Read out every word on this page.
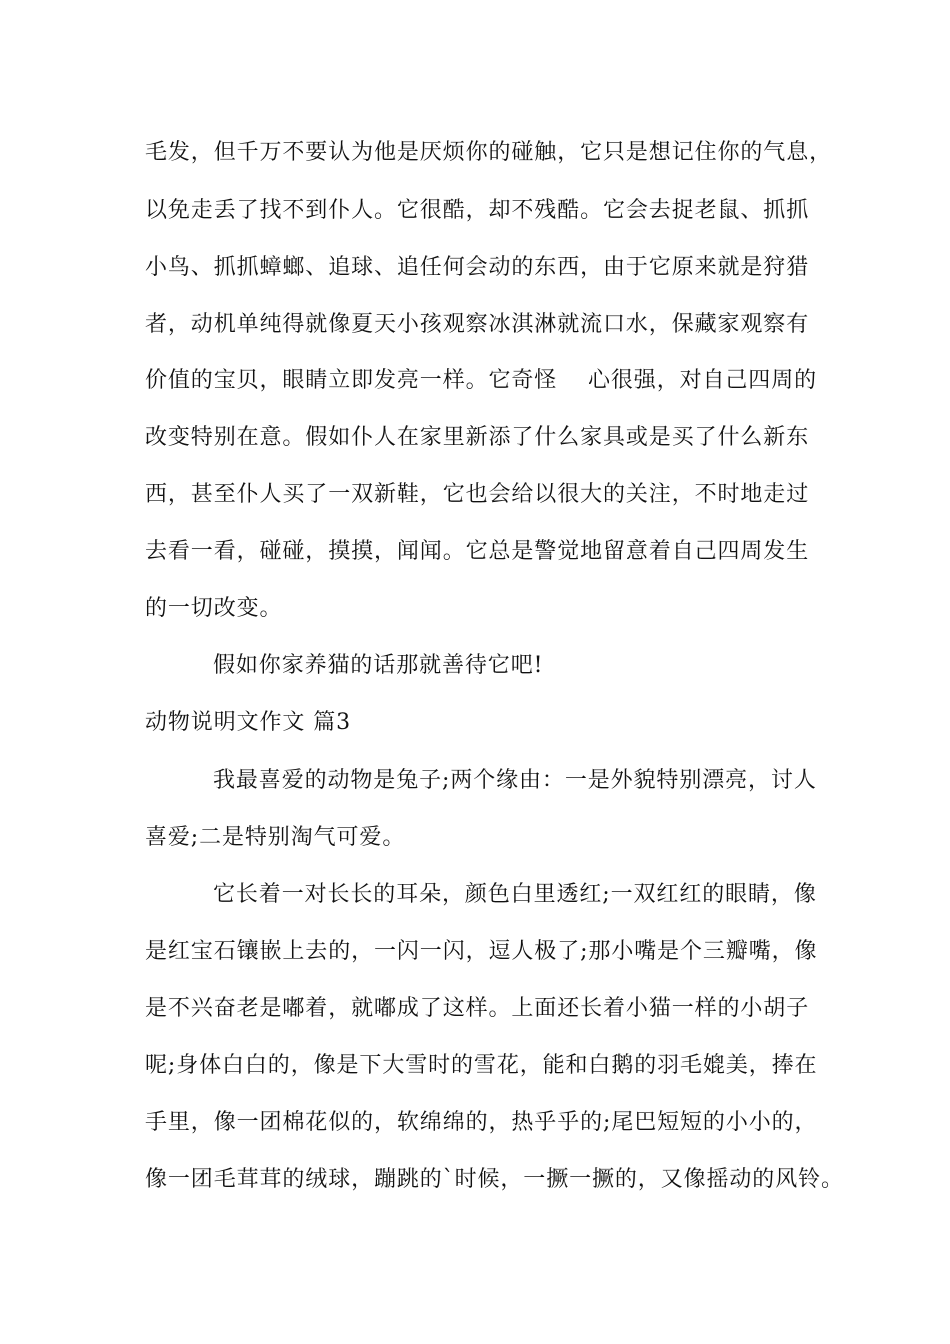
毛发，但千万不要认为他是厌烦你的碰触，它只是想记住你的气息，
以免走丢了找不到仆人。它很酷，却不残酷。它会去捉老鼠、抓抓
小鸟、抓抓蟑螂、追球、追任何会动的东西，由于它原来就是狩猎
者，动机单纯得就像夏天小孩观察冰淇淋就流口水，保藏家观察有
价值的宝贝，眼睛立即发亮一样。它奇怪　 心很强，对自己四周的
改变特别在意。假如仆人在家里新添了什么家具或是买了什么新东
西，甚至仆人买了一双新鞋，它也会给以很大的关注，不时地走过
去看一看，碰碰，摸摸，闻闻。它总是警觉地留意着自己四周发生
的一切改变。
假如你家养猫的话那就善待它吧!
动物说明文作文 篇3
我最喜爱的动物是兔子;两个缘由：一是外貌特别漂亮，讨人
喜爱;二是特别淘气可爱。
它长着一对长长的耳朵，颜色白里透红;一双红红的眼睛，像
是红宝石镶嵌上去的，一闪一闪，逗人极了;那小嘴是个三瓣嘴，像
是不兴奋老是嘟着，就嘟成了这样。上面还长着小猫一样的小胡子
呢;身体白白的，像是下大雪时的雪花，能和白鹅的羽毛媲美，捧在
手里，像一团棉花似的，软绵绵的，热乎乎的;尾巴短短的小小的，
像一团毛茸茸的绒球，蹦跳的`时候，一撅一撅的，又像摇动的风铃。
